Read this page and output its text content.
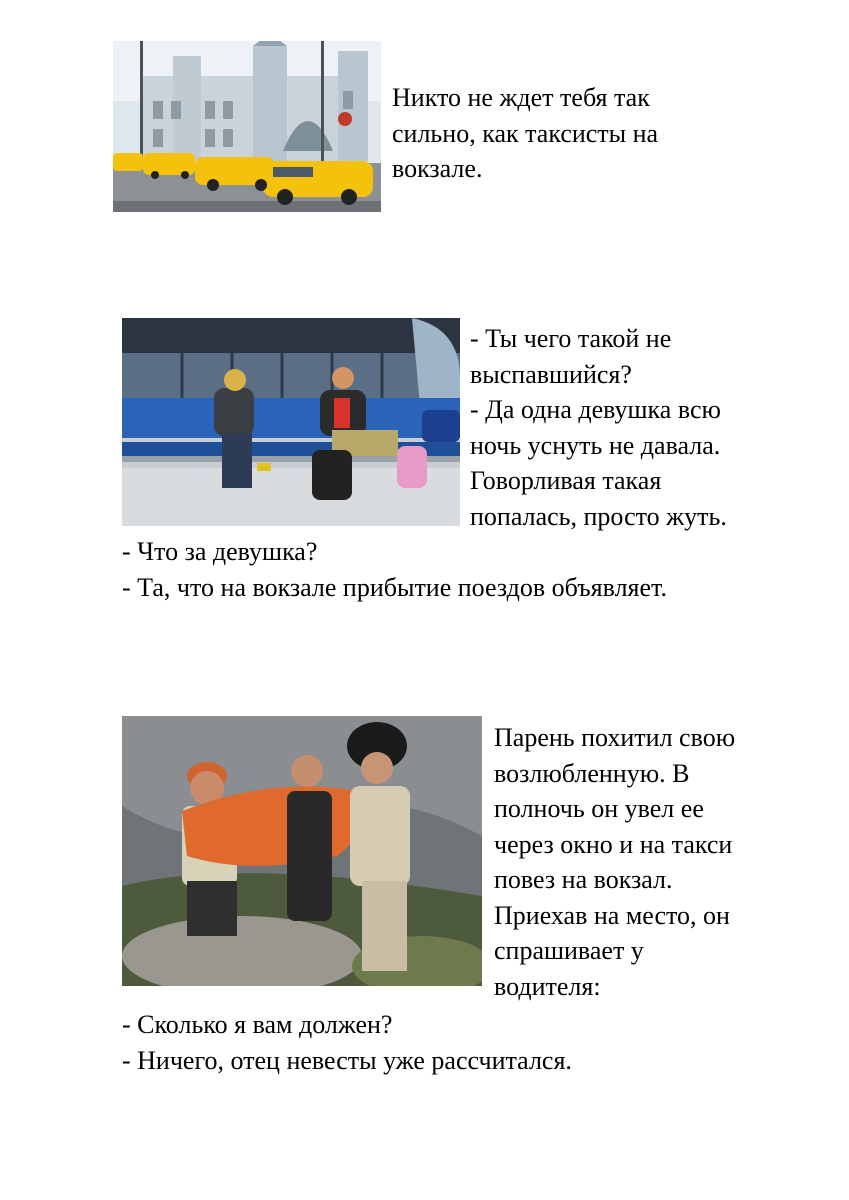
Никто не ждет тебя так
сильно, как таксисты на
вокзале.
- Ты чего такой не
выспавшийся?
- Да одна девушка всю
ночь уснуть не давала.
Говорливая такая
попалась, просто жуть.
- Что за девушка?
- Та, что на вокзале прибытие поездов объявляет.
Парень похитил свою
возлюбленную. В
полночь он увел ее
через окно и на такси
повез на вокзал.
Приехав на место, он
спрашивает у
водителя:
- Сколько я вам должен?
- Ничего, отец невесты уже рассчитался.
